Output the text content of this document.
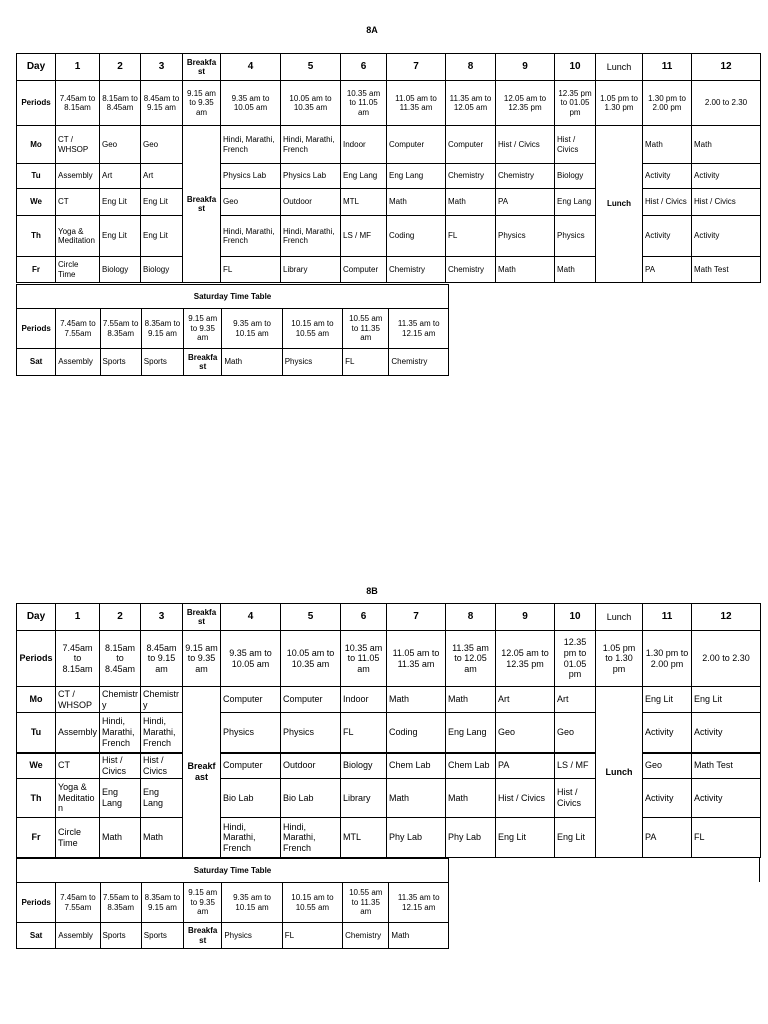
8A
Day	1	2	3	Breakfast	4	5	6	7	8	9	10	Lunch	11	12
Periods	7.45am to 8.15am	8.15am to 8.45am	8.45am to 9.15 am	9.15 am to 9.35 am	9.35 am to 10.05 am	10.05 am to 10.35 am	10.35 am to 11.05 am	11.05 am to 11.35 am	11.35 am to 12.05 am	12.05 am to 12.35 pm	12.35 pm to 01.05 pm	1.05 pm to 1.30 pm	1.30 pm to 2.00 pm	2.00 to 2.30
Mo	CT / WHSOP	Geo	Geo	Breakfast	Hindi, Marathi, French	Hindi, Marathi, French	Indoor	Computer	Computer	Hist / Civics	Hist / Civics	Lunch	Math	Math
Tu	Assembly	Art	Art		Physics Lab	Physics Lab	Eng Lang	Eng Lang	Chemistry	Chemistry	Biology		Activity	Activity
We	CT	Eng Lit	Eng Lit		Geo	Outdoor	MTL	Math	Math	PA	Eng Lang		Hist / Civics	Hist / Civics
Th	Yoga & Meditation	Eng Lit	Eng Lit		Hindi, Marathi, French	Hindi, Marathi, French	LS / MF	Coding	FL	Physics	Physics		Activity	Activity
Fr	Circle Time	Biology	Biology		FL	Library	Computer	Chemistry	Chemistry	Math	Math		PA	Math Test
Saturday Time Table								
Periods	7.45am to 7.55am	7.55am to 8.35am	8.35am to 9.15 am	9.15 am to 9.35 am	9.35 am to 10.15 am	10.15 am to 10.55 am	10.55 am to 11.35 am	11.35 am to 12.15 am
Sat	Assembly	Sports	Sports	Breakfast	Math	Physics	FL	Chemistry
8B
Day	1	2	3	Breakfast	4	5	6	7	8	9	10	Lunch	11	12
Periods	7.45am to 8.15am	8.15am to 8.45am	8.45am to 9.15 am	9.15 am to 9.35 am	9.35 am to 10.05 am	10.05 am to 10.35 am	10.35 am to 11.05 am	11.05 am to 11.35 am	11.35 am to 12.05 am	12.05 am to 12.35 pm	12.35 pm to 01.05 pm	1.05 pm to 1.30 pm	1.30 pm to 2.00 pm	2.00 to 2.30
Mo	CT / WHSOP	Chemistry	Chemistry	Breakfast	Computer	Computer	Indoor	Math	Math	Art	Art	Lunch	Eng Lit	Eng Lit
Tu	Assembly	Hindi, Marathi, French	Hindi, Marathi, French		Physics	Physics	FL	Coding	Eng Lang	Geo	Geo		Activity	Activity
We	CT	Hist / Civics	Hist / Civics		Computer	Outdoor	Biology	Chem Lab	Chem Lab	PA	LS / MF		Geo	Math Test
Th	Yoga & Meditation	Eng Lang	Eng Lang		Bio Lab	Bio Lab	Library	Math	Math	Hist / Civics	Hist / Civics		Activity	Activity
Fr	Circle Time	Math	Math		Hindi, Marathi, French	Hindi, Marathi, French	MTL	Phy Lab	Phy Lab	Eng Lit	Eng Lit		PA	FL
Saturday Time Table								
Periods	7.45am to 7.55am	7.55am to 8.35am	8.35am to 9.15 am	9.15 am to 9.35 am	9.35 am to 10.15 am	10.15 am to 10.55 am	10.55 am to 11.35 am	11.35 am to 12.15 am
Sat	Assembly	Sports	Sports	Breakfast	Physics	FL	Chemistry	Math
